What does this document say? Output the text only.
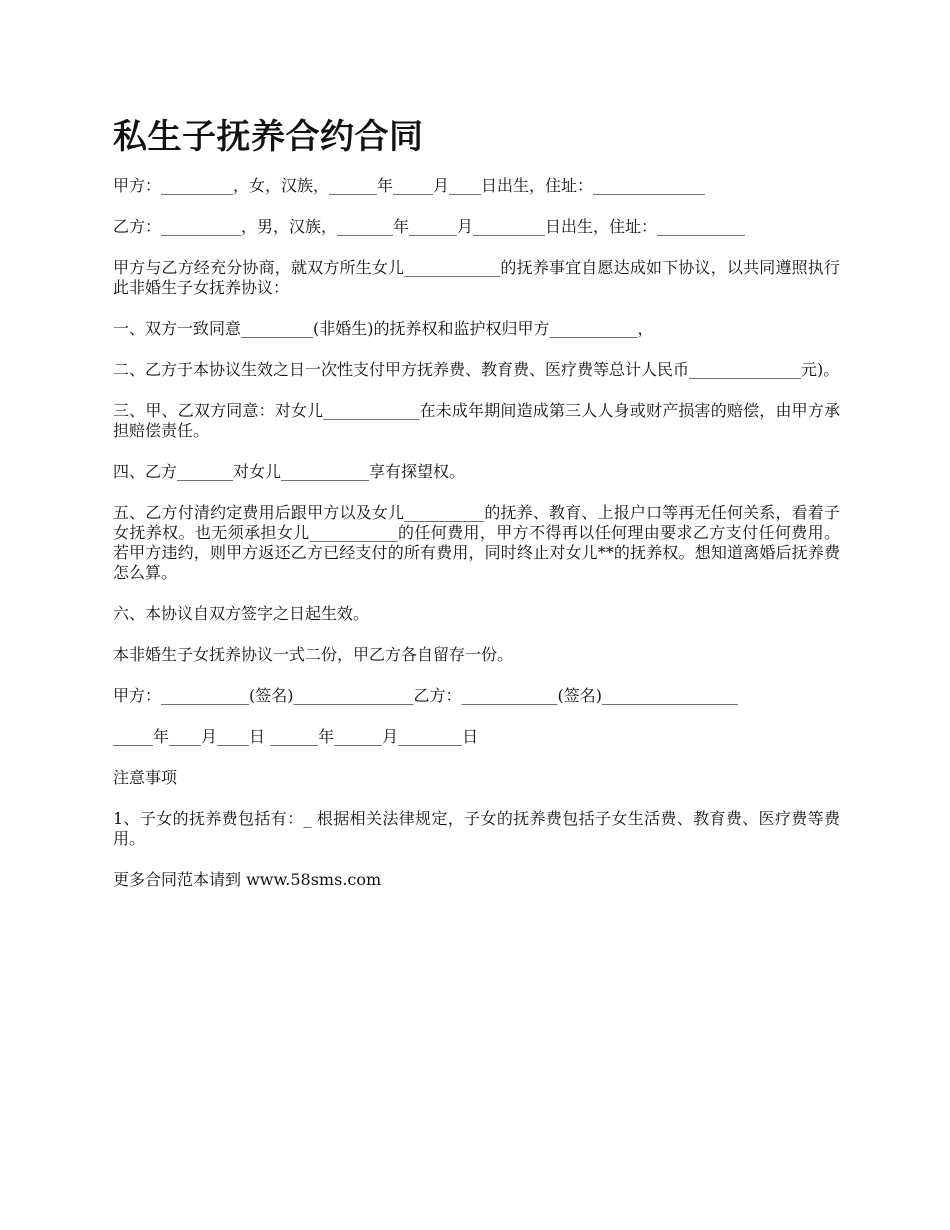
私生子抚养合约合同

甲方：_________，女，汉族，______年_____月____日出生，住址：______________

乙方：__________，男，汉族，_______年______月_________日出生，住址：___________

甲方与乙方经充分协商，就双方所生女儿____________的抚养事宜自愿达成如下协议，以共同遵照执行此非婚生子女抚养协议：

一、双方一致同意_________(非婚生)的抚养权和监护权归甲方___________，

二、乙方于本协议生效之日一次性支付甲方抚养费、教育费、医疗费等总计人民币______________元)。

三、甲、乙双方同意：对女儿____________在未成年期间造成第三人人身或财产损害的赔偿，由甲方承担赔偿责任。

四、乙方_______对女儿___________享有探望权。

五、乙方付清约定费用后跟甲方以及女儿__________的抚养、教育、上报户口等再无任何关系，看着子女抚养权。也无须承担女儿___________的任何费用，甲方不得再以任何理由要求乙方支付任何费用。若甲方违约，则甲方返还乙方已经支付的所有费用，同时终止对女儿**的抚养权。想知道离婚后抚养费怎么算。

六、本协议自双方签字之日起生效。

本非婚生子女抚养协议一式二份，甲乙方各自留存一份。

甲方：___________(签名)_______________乙方：____________(签名)_________________

_____年____月____日 ______年______月________日

注意事项

1、子女的抚养费包括有：_ 根据相关法律规定，子女的抚养费包括子女生活费、教育费、医疗费等费用。

更多合同范本请到 www.58sms.com
